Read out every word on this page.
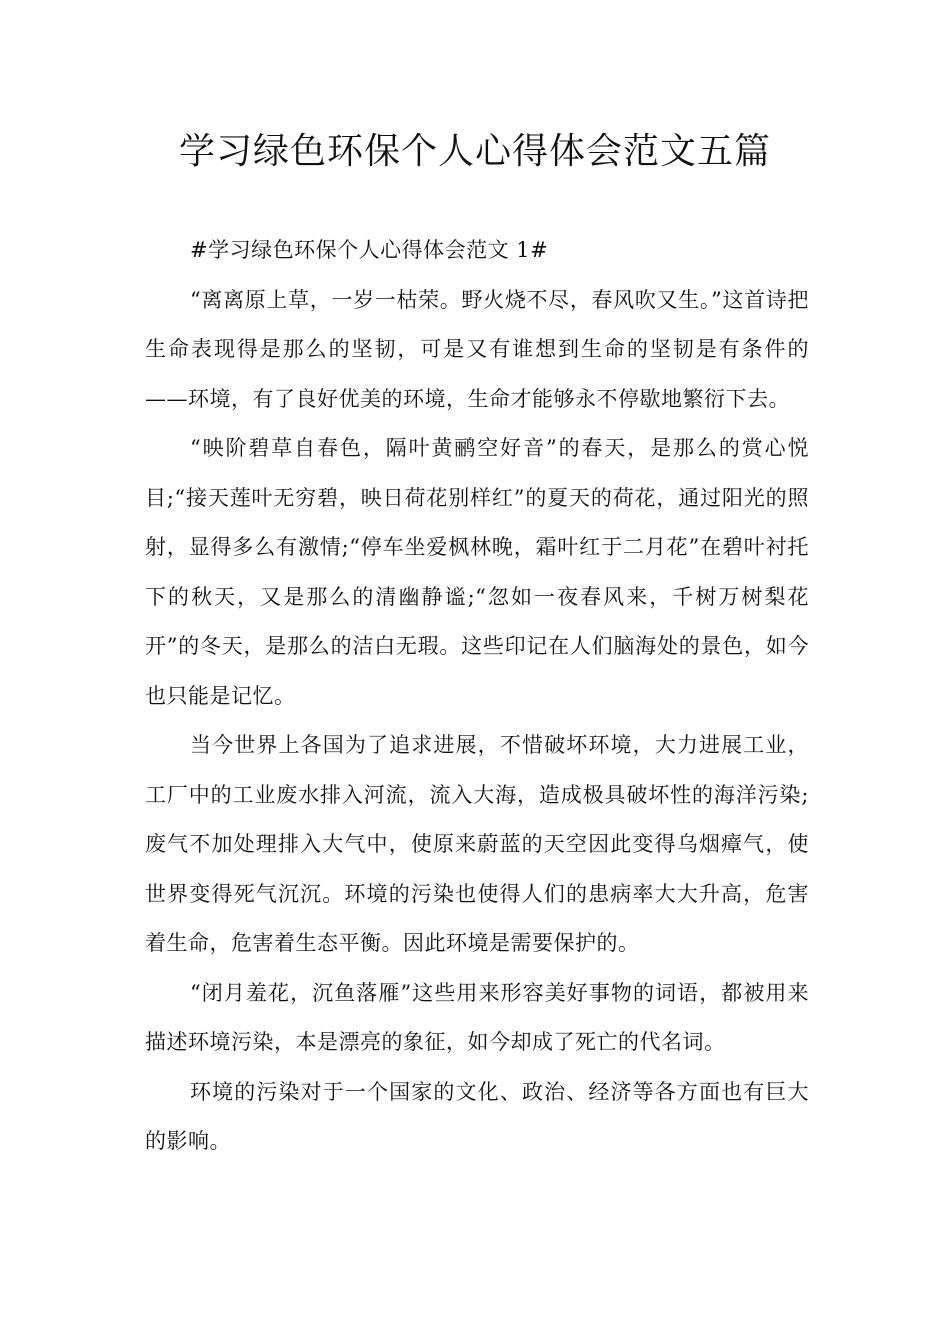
学习绿色环保个人心得体会范文五篇

#学习绿色环保个人心得体会范文 1#

“离离原上草，一岁一枯荣。野火烧不尽，春风吹又生。”这首诗把生命表现得是那么的坚韧，可是又有谁想到生命的坚韧是有条件的——环境，有了良好优美的环境，生命才能够永不停歇地繁衍下去。

“映阶碧草自春色，隔叶黄鹂空好音”的春天，是那么的赏心悦目;“接天莲叶无穷碧，映日荷花别样红”的夏天的荷花，通过阳光的照射，显得多么有激情;“停车坐爱枫林晚，霜叶红于二月花”在碧叶衬托下的秋天，又是那么的清幽静谧;“忽如一夜春风来，千树万树梨花开”的冬天，是那么的洁白无瑕。这些印记在人们脑海处的景色，如今也只能是记忆。

当今世界上各国为了追求进展，不惜破坏环境，大力进展工业，工厂中的工业废水排入河流，流入大海，造成极具破坏性的海洋污染;废气不加处理排入大气中，使原来蔚蓝的天空因此变得乌烟瘴气，使世界变得死气沉沉。环境的污染也使得人们的患病率大大升高，危害着生命，危害着生态平衡。因此环境是需要保护的。

“闭月羞花，沉鱼落雁”这些用来形容美好事物的词语，都被用来描述环境污染，本是漂亮的象征，如今却成了死亡的代名词。

环境的污染对于一个国家的文化、政治、经济等各方面也有巨大的影响。
